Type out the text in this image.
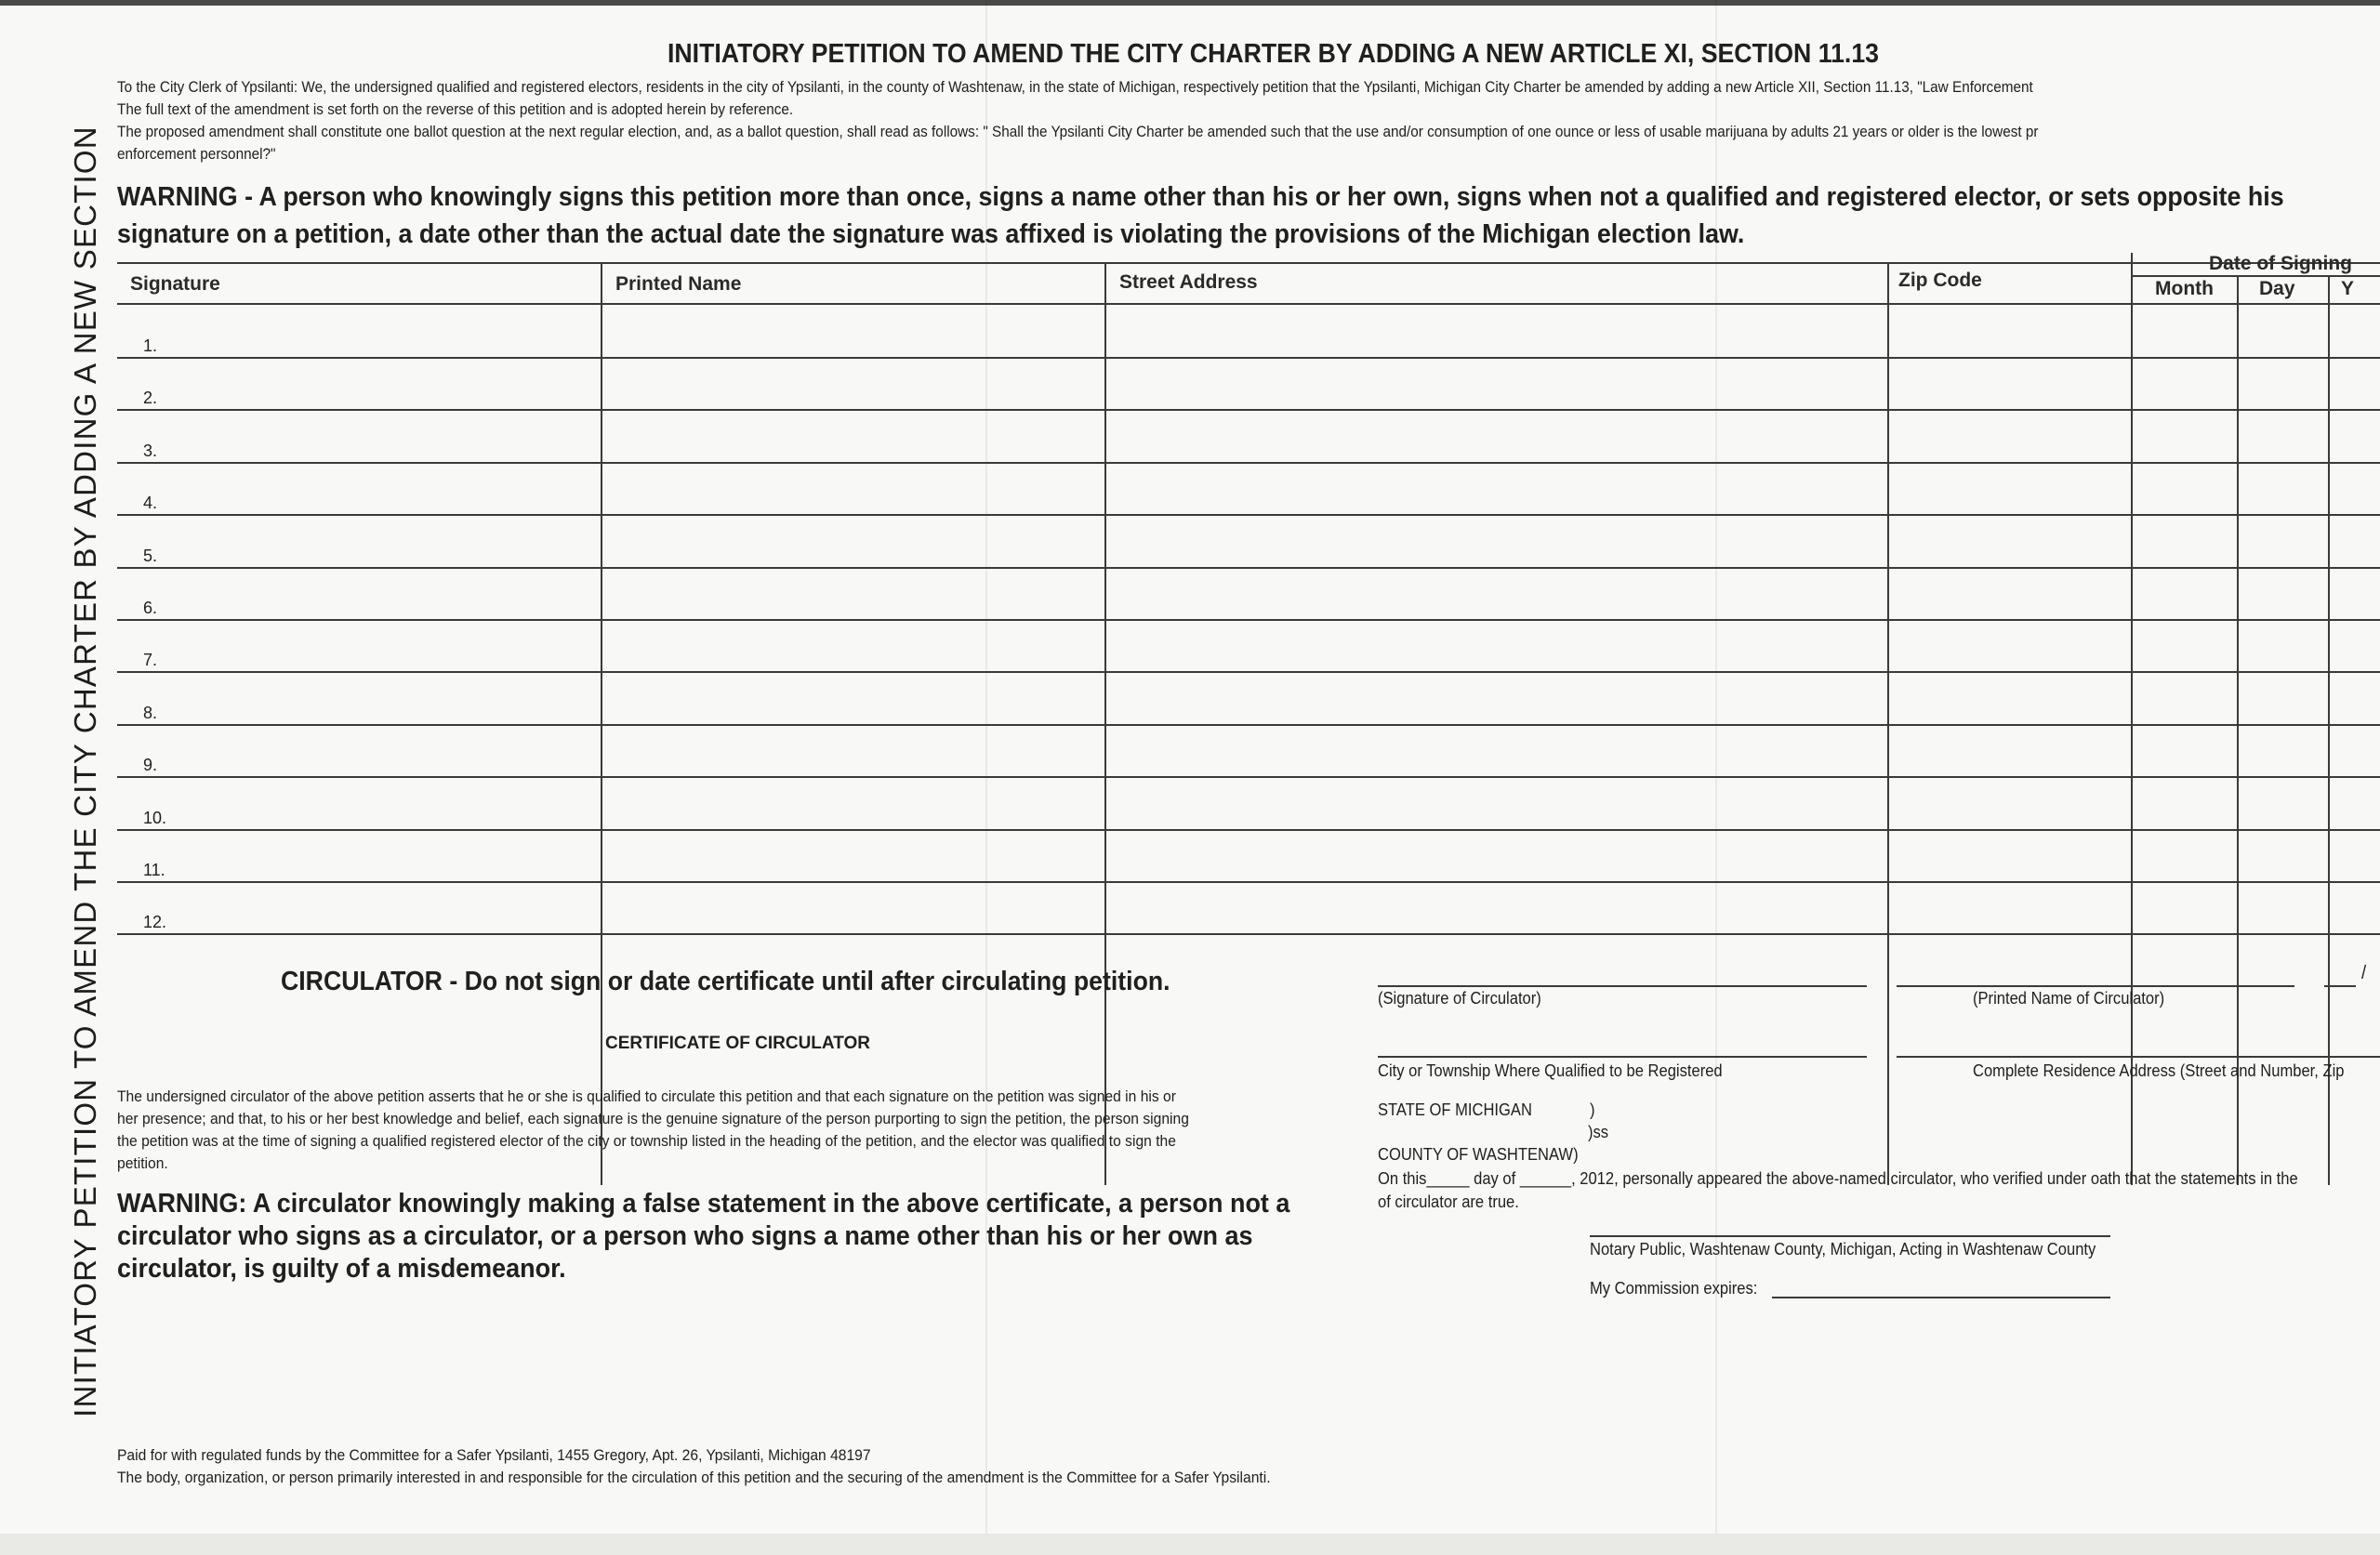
INITIATORY PETITION TO AMEND THE CITY CHARTER BY ADDING A NEW SECTION
INITIATORY PETITION TO AMEND THE CITY CHARTER BY ADDING A NEW ARTICLE XI, SECTION 11.13
To the City Clerk of Ypsilanti: We, the undersigned qualified and registered electors, residents in the city of Ypsilanti, in the county of Washtenaw, in the state of Michigan, respectively petition that the Ypsilanti, Michigan City Charter be amended by adding a new Article XII, Section 11.13, "Law Enforcement
The full text of the amendment is set forth on the reverse of this petition and is adopted herein by reference.
The proposed amendment shall constitute one ballot question at the next regular election, and, as a ballot question, shall read as follows: " Shall the Ypsilanti City Charter be amended such that the use and/or consumption of one ounce or less of usable marijuana by adults 21 years or older is the lowest pr
enforcement personnel?"
WARNING - A person who knowingly signs this petition more than once, signs a name other than his or her own, signs when not a qualified and registered elector, or sets opposite his
signature on a petition, a date other than the actual date the signature was affixed is violating the provisions of the Michigan election law.
Signature	Printed Name	Street Address	Zip Code
Date of Signing
Month Day Y
1.
2.
3.
4.
5.
6.
7.
8.
9.
10.
11.
12.
CIRCULATOR - Do not sign or date certificate until after circulating petition.
CERTIFICATE OF CIRCULATOR
The undersigned circulator of the above petition asserts that he or she is qualified to circulate this petition and that each signature on the petition was signed in his or
her presence; and that, to his or her best knowledge and belief, each signature is the genuine signature of the person purporting to sign the petition, the person signing
the petition was at the time of signing a qualified registered elector of the city or township listed in the heading of the petition, and the elector was qualified to sign the
petition.
WARNING: A circulator knowingly making a false statement in the above certificate, a person not a
circulator who signs as a circulator, or a person who signs a name other than his or her own as
circulator, is guilty of a misdemeanor.
(Signature of Circulator)	(Printed Name of Circulator)
/
City or Township Where Qualified to be Registered	Complete Residence Address (Street and Number, Zip
STATE OF MICHIGAN	)
)ss
COUNTY OF WASHTENAW)
On this_____ day of ______, 2012, personally appeared the above-named circulator, who verified under oath that the statements in the
of circulator are true.
Notary Public, Washtenaw County, Michigan, Acting in Washtenaw County
My Commission expires:
Paid for with regulated funds by the Committee for a Safer Ypsilanti, 1455 Gregory, Apt. 26, Ypsilanti, Michigan 48197
The body, organization, or person primarily interested in and responsible for the circulation of this petition and the securing of the amendment is the Committee for a Safer Ypsilanti.
